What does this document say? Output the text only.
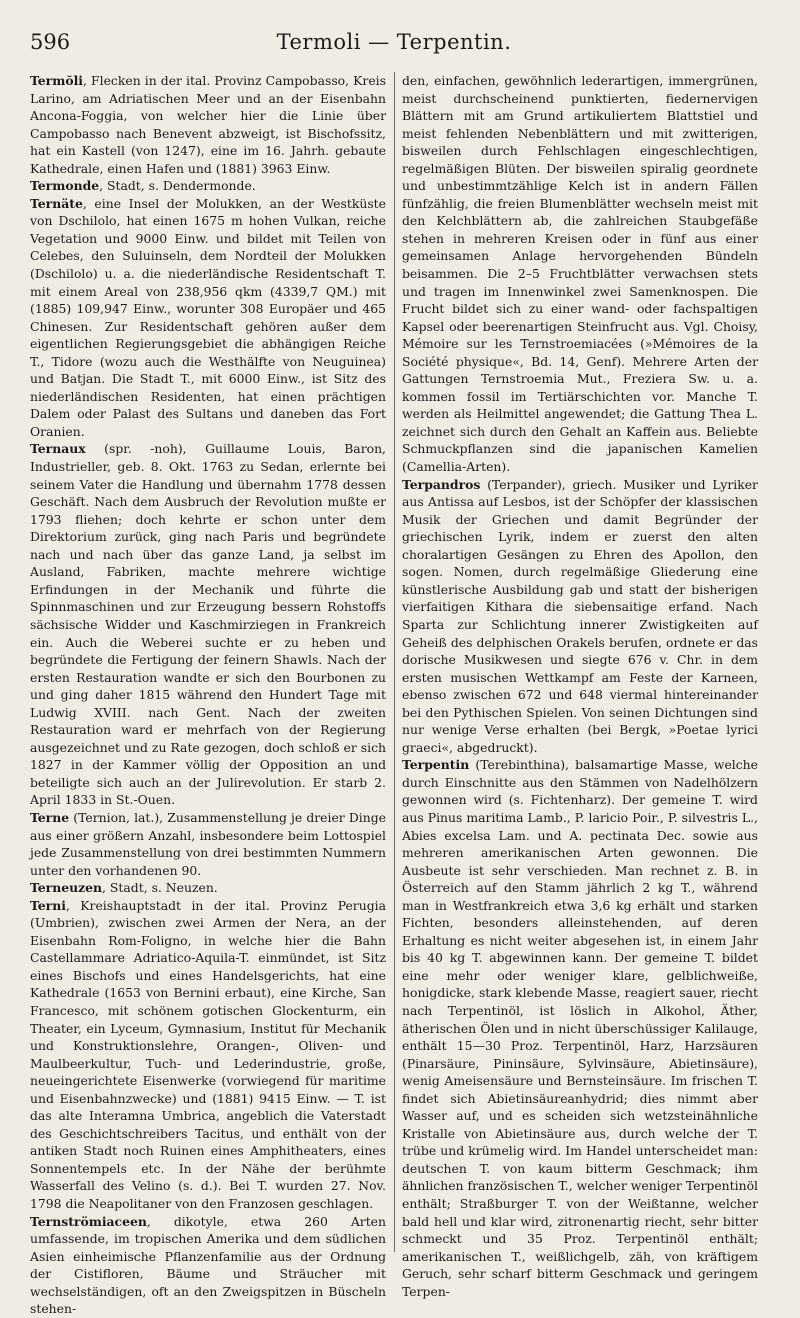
596	Termoli — Terpentin.

Termŏli, Flecken in der ital. Provinz Campobasso, Kreis Larino, am Adriatischen Meer und an der Eisenbahn Ancona-Foggia, von welcher hier die Linie über Campobasso nach Benevent abzweigt, ist Bischofssitz, hat ein Kastell (von 1247), eine im 16. Jahrh. gebaute Kathedrale, einen Hafen und (1881) 3963 Einw.

Termonde, Stadt, s. Dendermonde.

Ternäte, eine Insel der Molukken, an der Westküste von Dschilolo, hat einen 1675 m hohen Vulkan, reiche Vegetation und 9000 Einw. und bildet mit Teilen von Celebes, den Suluinseln, dem Nordteil der Molukken (Dschilolo) u. a. die niederländische Residentschaft T. mit einem Areal von 238,956 qkm (4339,7 QM.) mit (1885) 109,947 Einw., worunter 308 Europäer und 465 Chinesen. Zur Residentschaft gehören außer dem eigentlichen Regierungsgebiet die abhängigen Reiche T., Tidore (wozu auch die Westhälfte von Neuguinea) und Batjan. Die Stadt T., mit 6000 Einw., ist Sitz des niederländischen Residenten, hat einen prächtigen Dalem oder Palast des Sultans und daneben das Fort Oranien.

Ternaux (spr. -noh), Guillaume Louis, Baron, Industrieller, geb. 8. Okt. 1763 zu Sedan, erlernte bei seinem Vater die Handlung und übernahm 1778 dessen Geschäft. Nach dem Ausbruch der Revolution mußte er 1793 fliehen; doch kehrte er schon unter dem Direktorium zurück, ging nach Paris und begründete nach und nach über das ganze Land, ja selbst im Ausland, Fabriken, machte mehrere wichtige Erfindungen in der Mechanik und führte die Spinnmaschinen und zur Erzeugung bessern Rohstoffs sächsische Widder und Kaschmirziegen in Frankreich ein. Auch die Weberei suchte er zu heben und begründete die Fertigung der feinern Shawls. Nach der ersten Restauration wandte er sich den Bourbonen zu und ging daher 1815 während den Hundert Tage mit Ludwig XVIII. nach Gent. Nach der zweiten Restauration ward er mehrfach von der Regierung ausgezeichnet und zu Rate gezogen, doch schloß er sich 1827 in der Kammer völlig der Opposition an und beteiligte sich auch an der Julirevolution. Er starb 2. April 1833 in St.-Ouen.

Terne (Ternion, lat.), Zusammenstellung je dreier Dinge aus einer größern Anzahl, insbesondere beim Lottospiel jede Zusammenstellung von drei bestimmten Nummern unter den vorhandenen 90.

Terneuzen, Stadt, s. Neuzen.

Terni, Kreishauptstadt in der ital. Provinz Perugia (Umbrien), zwischen zwei Armen der Nera, an der Eisenbahn Rom-Foligno, in welche hier die Bahn Castellammare Adriatico-Aquila-T. einmündet, ist Sitz eines Bischofs und eines Handelsgerichts, hat eine Kathedrale (1653 von Bernini erbaut), eine Kirche, San Francesco, mit schönem gotischen Glockenturm, ein Theater, ein Lyceum, Gymnasium, Institut für Mechanik und Konstruktionslehre, Orangen-, Oliven- und Maulbeerkultur, Tuch- und Lederindustrie, große, neueingerichtete Eisenwerke (vorwiegend für maritime und Eisenbahnzwecke) und (1881) 9415 Einw. — T. ist das alte Interamna Umbrica, angeblich die Vaterstadt des Geschichtschreibers Tacitus, und enthält von der antiken Stadt noch Ruinen eines Amphitheaters, eines Sonnentempels etc. In der Nähe der berühmte Wasserfall des Velino (s. d.). Bei T. wurden 27. Nov. 1798 die Neapolitaner von den Franzosen geschlagen.

Ternströmiaceen, dikotyle, etwa 260 Arten umfassende, im tropischen Amerika und dem südlichen Asien einheimische Pflanzenfamilie aus der Ordnung der Cistifloren, Bäume und Sträucher mit wechselständigen, oft an den Zweigspitzen in Büscheln stehen-

den, einfachen, gewöhnlich lederartigen, immergrünen, meist durchscheinend punktierten, fiedernervigen Blättern mit am Grund artikuliertem Blattstiel und meist fehlenden Nebenblättern und mit zwitterigen, bisweilen durch Fehlschlagen eingeschlechtigen, regelmäßigen Blüten. Der bisweilen spiralig geordnete und unbestimmtzählige Kelch ist in andern Fällen fünfzählig, die freien Blumenblätter wechseln meist mit den Kelchblättern ab, die zahlreichen Staubgefäße stehen in mehreren Kreisen oder in fünf aus einer gemeinsamen Anlage hervorgehenden Bündeln beisammen. Die 2–5 Fruchtblätter verwachsen stets und tragen im Innenwinkel zwei Samenknospen. Die Frucht bildet sich zu einer wand- oder fachspaltigen Kapsel oder beerenartigen Steinfrucht aus. Vgl. Choisy, Mémoire sur les Ternstroemiacées (»Mémoires de la Société physique«, Bd. 14, Genf). Mehrere Arten der Gattungen Ternstroemia Mut., Freziera Sw. u. a. kommen fossil im Tertiärschichten vor. Manche T. werden als Heilmittel angewendet; die Gattung Thea L. zeichnet sich durch den Gehalt an Kaffein aus. Beliebte Schmuckpflanzen sind die japanischen Kamelien (Camellia-Arten).

Terpandros (Terpander), griech. Musiker und Lyriker aus Antissa auf Lesbos, ist der Schöpfer der klassischen Musik der Griechen und damit Begründer der griechischen Lyrik, indem er zuerst den alten choralartigen Gesängen zu Ehren des Apollon, den sogen. Nomen, durch regelmäßige Gliederung eine künstlerische Ausbildung gab und statt der bisherigen vierfaitigen Kithara die siebensaitige erfand. Nach Sparta zur Schlichtung innerer Zwistigkeiten auf Geheiß des delphischen Orakels berufen, ordnete er das dorische Musikwesen und siegte 676 v. Chr. in dem ersten musischen Wettkampf am Feste der Karneen, ebenso zwischen 672 und 648 viermal hintereinander bei den Pythischen Spielen. Von seinen Dichtungen sind nur wenige Verse erhalten (bei Bergk, »Poetae lyrici graeci«, abgedruckt).

Terpentin (Terebinthina), balsamartige Masse, welche durch Einschnitte aus den Stämmen von Nadelhölzern gewonnen wird (s. Fichtenharz). Der gemeine T. wird aus Pinus maritima Lamb., P. laricio Poir., P. silvestris L., Abies excelsa Lam. und A. pectinata Dec. sowie aus mehreren amerikanischen Arten gewonnen. Die Ausbeute ist sehr verschieden. Man rechnet z. B. in Österreich auf den Stamm jährlich 2 kg T., während man in Westfrankreich etwa 3,6 kg erhält und starken Fichten, besonders alleinstehenden, auf deren Erhaltung es nicht weiter abgesehen ist, in einem Jahr bis 40 kg T. abgewinnen kann. Der gemeine T. bildet eine mehr oder weniger klare, gelblichweiße, honigdicke, stark klebende Masse, reagiert sauer, riecht nach Terpentinöl, ist löslich in Alkohol, Äther, ätherischen Ölen und in nicht überschüssiger Kalilauge, enthält 15—30 Proz. Terpentinöl, Harz, Harzsäuren (Pinarsäure, Pininsäure, Sylvinsäure, Abietinsäure), wenig Ameisensäure und Bernsteinsäure. Im frischen T. findet sich Abietinsäureanhydrid; dies nimmt aber Wasser auf, und es scheiden sich wetzsteinähnliche Kristalle von Abietinsäure aus, durch welche der T. trübe und krümelig wird. Im Handel unterscheidet man: deutschen T. von kaum bitterm Geschmack; ihm ähnlichen französischen T., welcher weniger Terpentinöl enthält; Straßburger T. von der Weißtanne, welcher bald hell und klar wird, zitronenartig riecht, sehr bitter schmeckt und 35 Proz. Terpentinöl enthält; amerikanischen T., weißlichgelb, zäh, von kräftigem Geruch, sehr scharf bitterm Geschmack und geringem Terpen-
